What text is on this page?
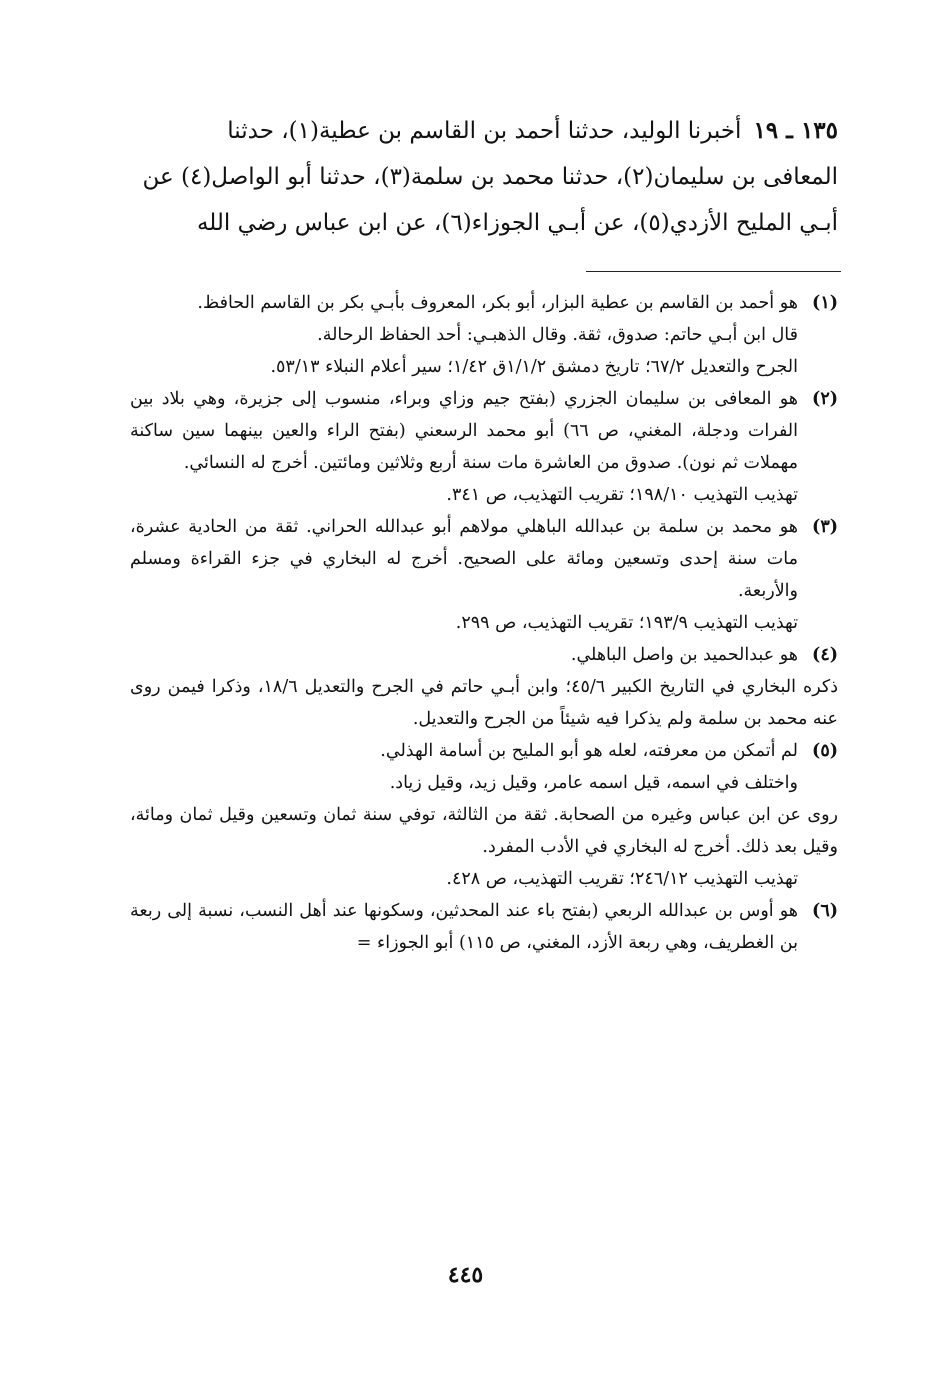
١٣٥ ـ ١٩أخبرنا الوليد، حدثنا أحمد بن القاسم بن عطية(١)، حدثنا

المعافى بن سليمان(٢)، حدثنا محمد بن سلمة(٣)، حدثنا أبو الواصل(٤) عن

أبـي المليح الأزدي(٥)، عن أبـي الجوزاء(٦)، عن ابن عباس رضي الله

(١)
هو أحمد بن القاسم بن عطية البزار، أبو بكر، المعروف بأبـي بكر بن القاسم الحافظ.
قال ابن أبـي حاتم: صدوق، ثقة. وقال الذهبـي: أحد الحفاظ الرحالة.
الجرح والتعديل ٦٧/٢؛ تاريخ دمشق ١/١/٢ق ١/٤٢؛ سير أعلام النبلاء ٥٣/١٣.
(٢)
هو المعافى بن سليمان الجزري (بفتح جيم وزاي وبراء، منسوب إلى جزيرة، وهي بلاد بين الفرات ودجلة، المغني، ص ٦٦) أبو محمد الرسعني (بفتح الراء والعين بينهما سين ساكنة مهملات ثم نون). صدوق من العاشرة مات سنة أربع وثلاثين ومائتين. أخرج له النسائي.
تهذيب التهذيب ١٩٨/١٠؛ تقريب التهذيب، ص ٣٤١.
(٣)
هو محمد بن سلمة بن عبدالله الباهلي مولاهم أبو عبدالله الحراني. ثقة من الحادية عشرة، مات سنة إحدى وتسعين ومائة على الصحيح. أخرج له البخاري في جزء القراءة ومسلم والأربعة.
تهذيب التهذيب ١٩٣/٩؛ تقريب التهذيب، ص ٢٩٩.
(٤)
هو عبدالحميد بن واصل الباهلي.
ذكره البخاري في التاريخ الكبير ٤٥/٦؛ وابن أبـي حاتم في الجرح والتعديل ١٨/٦، وذكرا فيمن روى عنه محمد بن سلمة ولم يذكرا فيه شيئاً من الجرح والتعديل.
(٥)
لم أتمكن من معرفته، لعله هو أبو المليح بن أسامة الهذلي.
واختلف في اسمه، قيل اسمه عامر، وقيل زيد، وقيل زياد.
روى عن ابن عباس وغيره من الصحابة. ثقة من الثالثة، توفي سنة ثمان وتسعين وقيل ثمان ومائة، وقيل بعد ذلك. أخرج له البخاري في الأدب المفرد.
تهذيب التهذيب ٢٤٦/١٢؛ تقريب التهذيب، ص ٤٢٨.
(٦)
هو أوس بن عبدالله الربعي (بفتح باء عند المحدثين، وسكونها عند أهل النسب، نسبة إلى ربعة بن الغطريف، وهي ربعة الأزد، المغني، ص ١١٥) أبو الجوزاء =
٤٤٥
